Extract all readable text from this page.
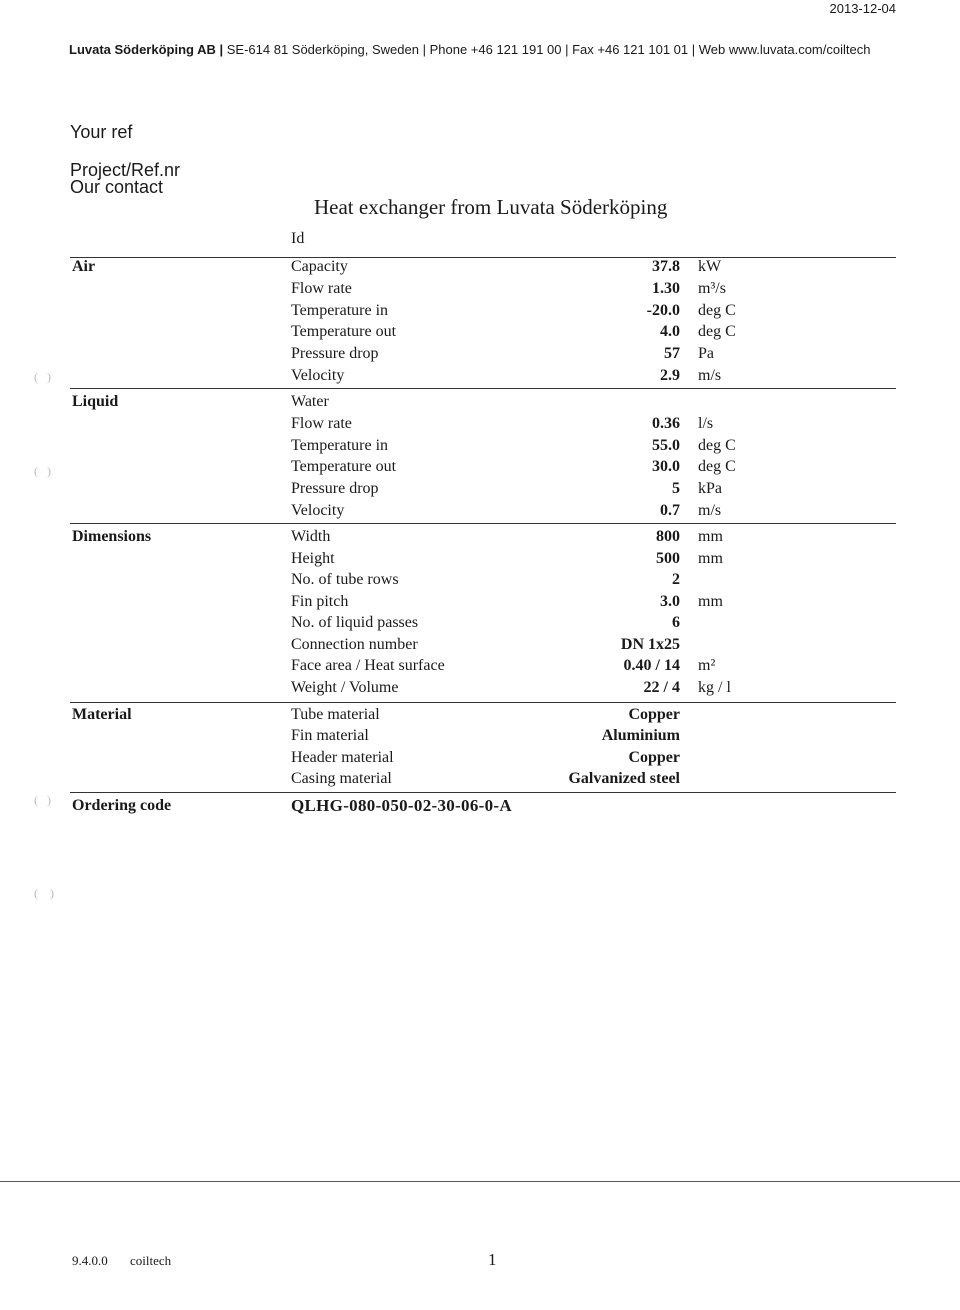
2013-12-04
Luvata Söderköping AB | SE-614 81 Söderköping, Sweden | Phone +46 121 191 00 | Fax +46 121 101 01 | Web www.luvata.com/coiltech
Your ref
Project/Ref.nr
Our contact
Heat exchanger from Luvata Söderköping
Id
Air	Capacity	37.8 kW
Flow rate	1.30 m³/s
Temperature in	-20.0 deg C
Temperature out	4.0 deg C
Pressure drop	57 Pa
Velocity	2.9 m/s
Liquid	Water
Flow rate	0.36 l/s
Temperature in	55.0 deg C
Temperature out	30.0 deg C
Pressure drop	5 kPa
Velocity	0.7 m/s
Dimensions	Width	800 mm
Height	500 mm
No. of tube rows	2
Fin pitch	3.0 mm
No. of liquid passes	6
Connection number	DN 1x25
Face area / Heat surface	0.40 / 14 m²
Weight / Volume	22 / 4 kg / l
Material	Tube material	Copper
Fin material	Aluminium
Header material	Copper
Casing material	Galvanized steel
Ordering code	QLHG-080-050-02-30-06-0-A
(   )
(   )
(   )
(    )
9.4.0.0 coiltech	1
